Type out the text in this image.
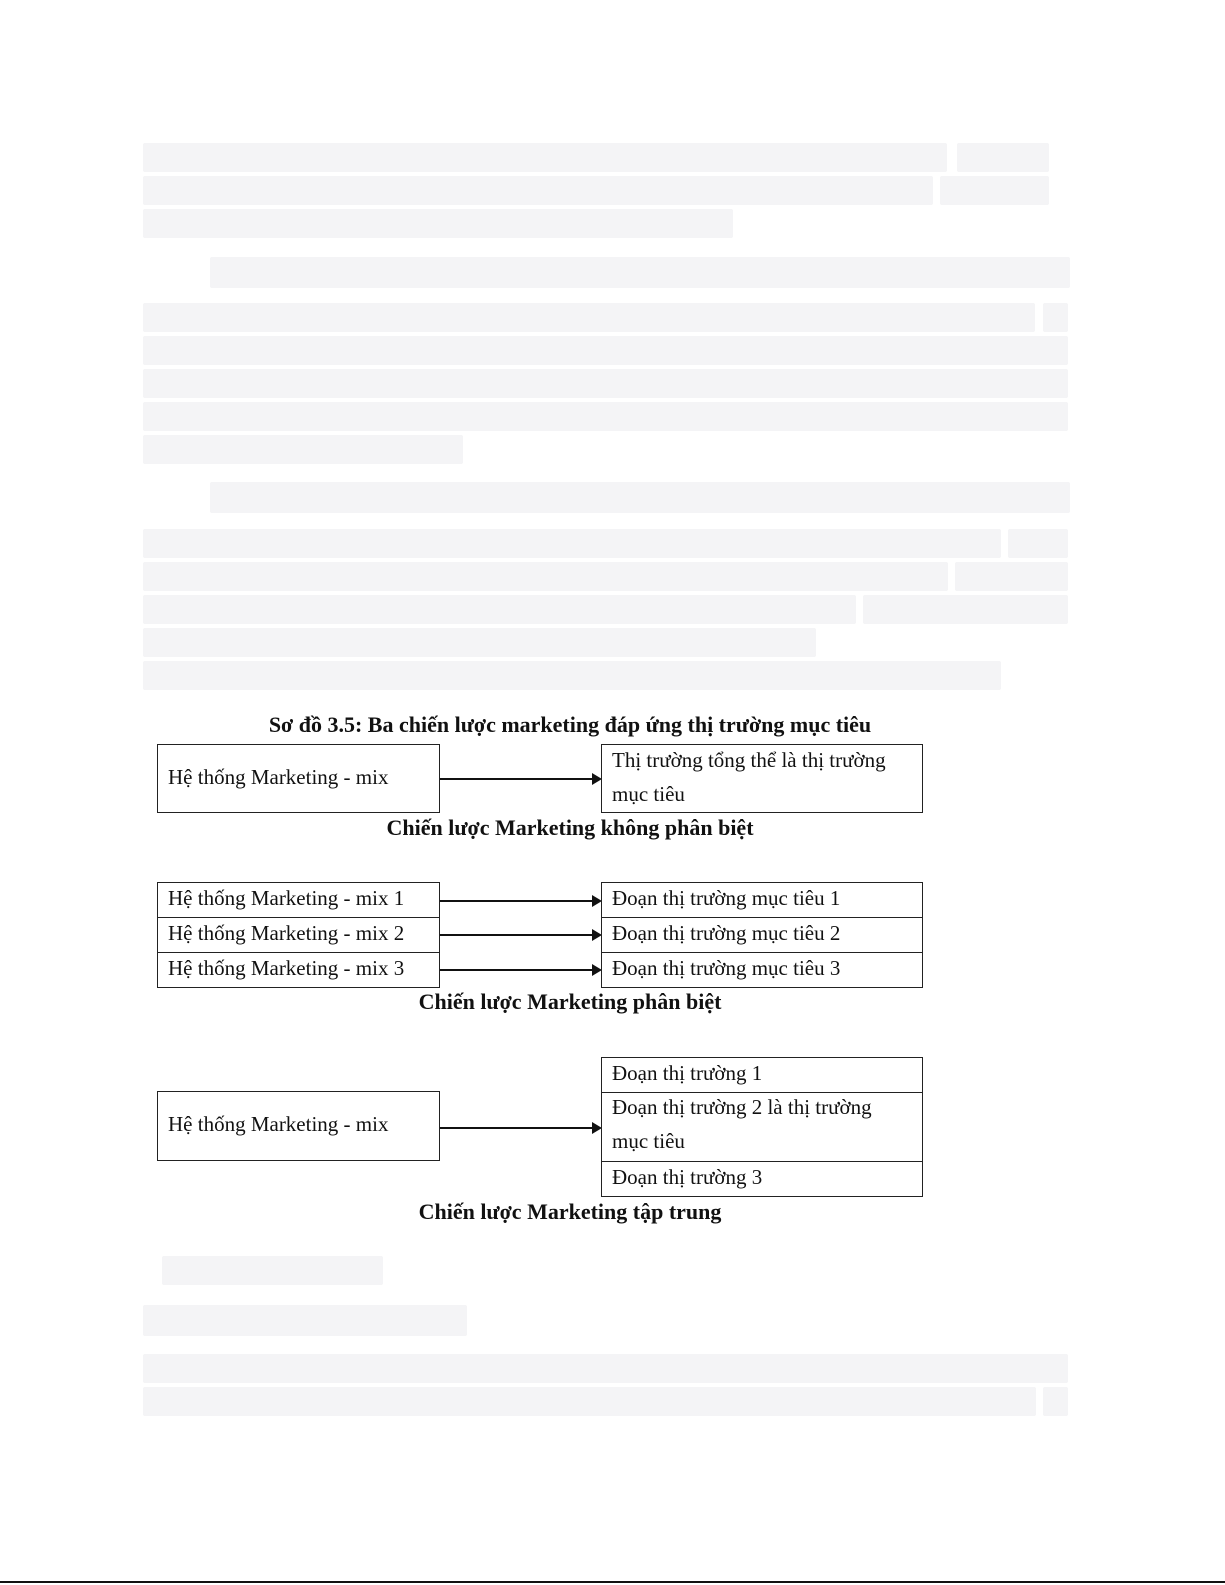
Sơ đồ 3.5: Ba chiến lược marketing đáp ứng thị trường mục tiêu
Hệ thống Marketing - mix
Thị trường tổng thể là thị trường
mục tiêu
Chiến lược Marketing không phân biệt
Hệ thống Marketing - mix 1
Hệ thống Marketing - mix 2
Hệ thống Marketing - mix 3
Đoạn thị trường mục tiêu 1
Đoạn thị trường mục tiêu 2
Đoạn thị trường mục tiêu 3
Chiến lược Marketing phân biệt
Hệ thống Marketing - mix
Đoạn thị trường 1
Đoạn thị trường 2 là thị trường
mục tiêu
Đoạn thị trường 3
Chiến lược Marketing tập trung
